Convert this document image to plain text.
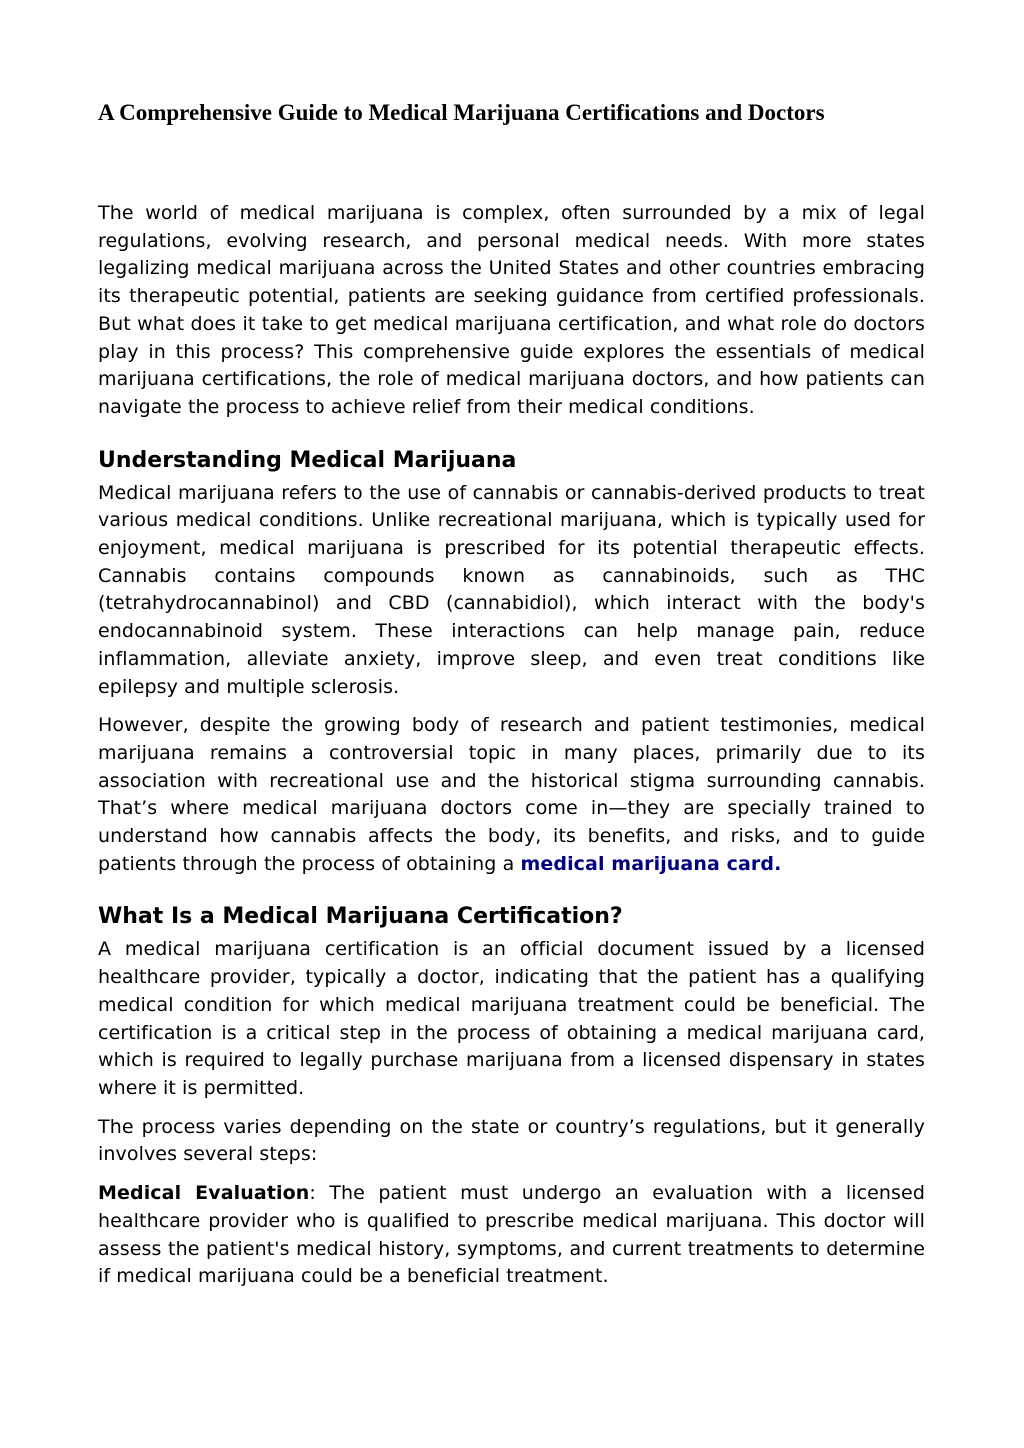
A Comprehensive Guide to Medical Marijuana Certifications and Doctors

The world of medical marijuana is complex, often surrounded by a mix of legal regulations, evolving research, and personal medical needs. With more states legalizing medical marijuana across the United States and other countries embracing its therapeutic potential, patients are seeking guidance from certified professionals. But what does it take to get medical marijuana certification, and what role do doctors play in this process? This comprehensive guide explores the essentials of medical marijuana certifications, the role of medical marijuana doctors, and how patients can navigate the process to achieve relief from their medical conditions.

Understanding Medical Marijuana

Medical marijuana refers to the use of cannabis or cannabis-derived products to treat various medical conditions. Unlike recreational marijuana, which is typically used for enjoyment, medical marijuana is prescribed for its potential therapeutic effects. Cannabis contains compounds known as cannabinoids, such as THC (tetrahydrocannabinol) and CBD (cannabidiol), which interact with the body's endocannabinoid system. These interactions can help manage pain, reduce inflammation, alleviate anxiety, improve sleep, and even treat conditions like epilepsy and multiple sclerosis.

However, despite the growing body of research and patient testimonies, medical marijuana remains a controversial topic in many places, primarily due to its association with recreational use and the historical stigma surrounding cannabis. That’s where medical marijuana doctors come in—they are specially trained to understand how cannabis affects the body, its benefits, and risks, and to guide patients through the process of obtaining a medical marijuana card.

What Is a Medical Marijuana Certification?

A medical marijuana certification is an official document issued by a licensed healthcare provider, typically a doctor, indicating that the patient has a qualifying medical condition for which medical marijuana treatment could be beneficial. The certification is a critical step in the process of obtaining a medical marijuana card, which is required to legally purchase marijuana from a licensed dispensary in states where it is permitted.

The process varies depending on the state or country’s regulations, but it generally involves several steps:

Medical Evaluation: The patient must undergo an evaluation with a licensed healthcare provider who is qualified to prescribe medical marijuana. This doctor will assess the patient's medical history, symptoms, and current treatments to determine if medical marijuana could be a beneficial treatment.
